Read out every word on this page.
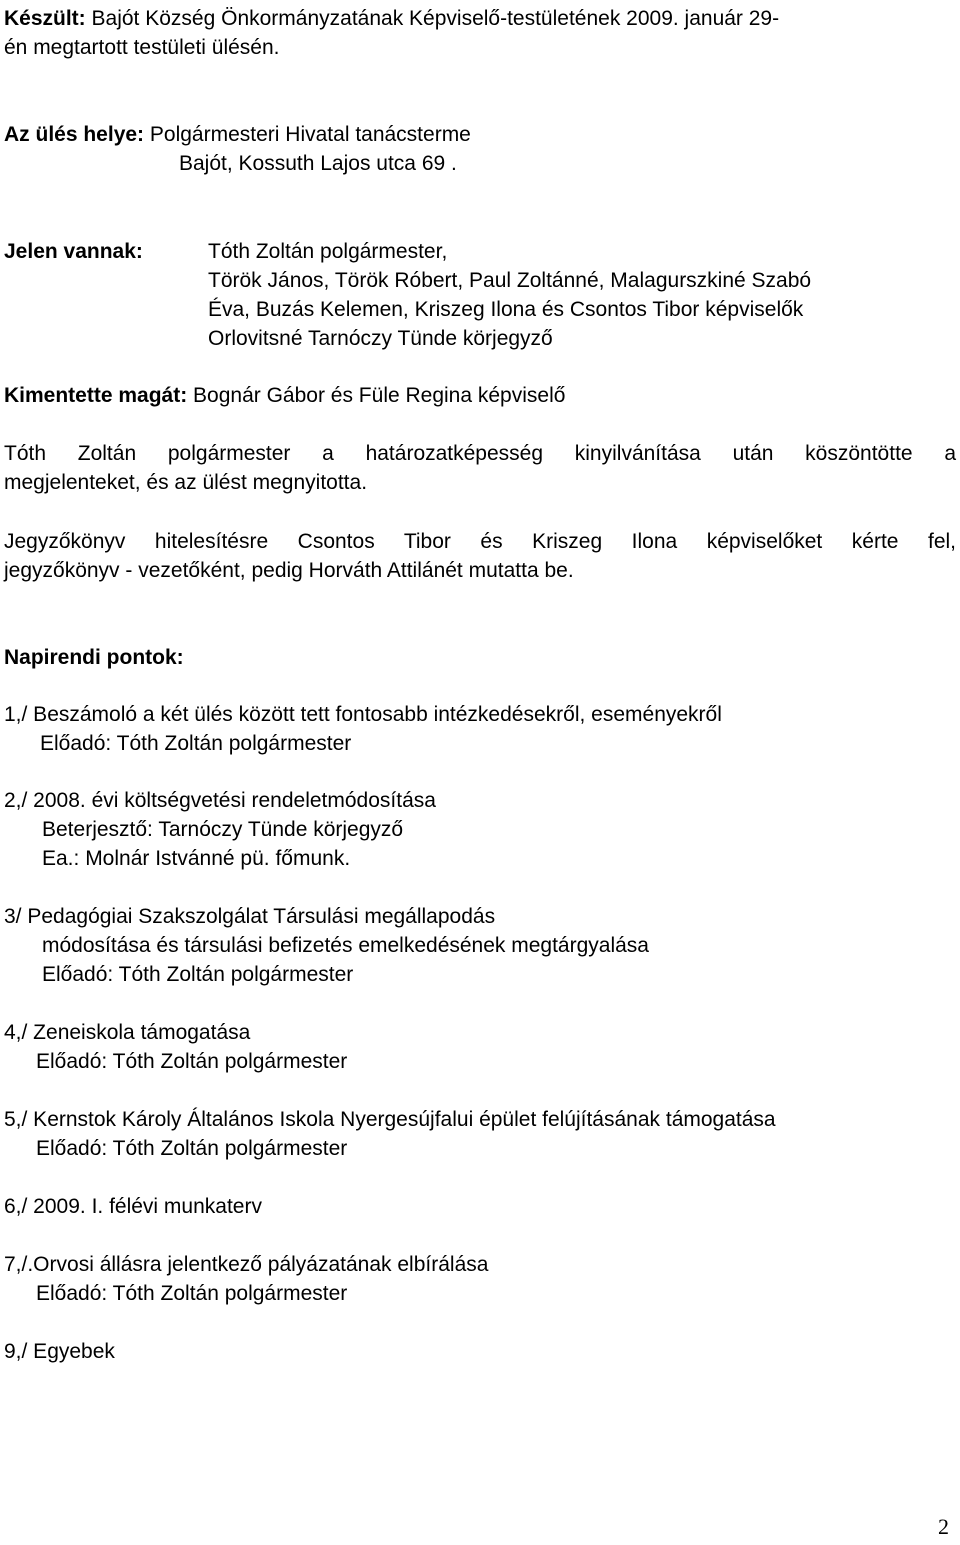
Készült: Bajót Község Önkormányzatának Képviselő-testületének 2009. január 29-
én megtartott testületi ülésén.
Az ülés helye: Polgármesteri Hivatal tanácsterme
Bajót, Kossuth Lajos utca 69 .
Jelen vannak:	Tóth Zoltán polgármester,
Török János, Török Róbert, Paul Zoltánné, Malagurszkiné Szabó
Éva, Buzás Kelemen, Kriszeg Ilona és Csontos Tibor képviselők
Orlovitsné Tarnóczy Tünde körjegyző
Kimentette magát: Bognár Gábor és Füle Regina képviselő
Tóth Zoltán polgármester a határozatképesség kinyilvánítása után köszöntötte a
megjelenteket, és az ülést megnyitotta.
Jegyzőkönyv hitelesítésre Csontos Tibor és Kriszeg Ilona képviselőket kérte fel,
jegyzőkönyv - vezetőként, pedig Horváth Attilánét mutatta be.
Napirendi pontok:
1,/ Beszámoló a két ülés között tett fontosabb intézkedésekről, eseményekről
Előadó: Tóth Zoltán polgármester
2,/ 2008. évi költségvetési rendeletmódosítása
Beterjesztő: Tarnóczy Tünde körjegyző
Ea.: Molnár Istvánné pü. főmunk.
3/ Pedagógiai Szakszolgálat Társulási megállapodás
módosítása és társulási befizetés emelkedésének megtárgyalása
Előadó: Tóth Zoltán polgármester
4,/ Zeneiskola támogatása
Előadó: Tóth Zoltán polgármester
5,/ Kernstok Károly Általános Iskola Nyergesújfalui épület felújításának támogatása
Előadó: Tóth Zoltán polgármester
6,/ 2009. I. félévi munkaterv
7,/.Orvosi állásra jelentkező pályázatának elbírálása
Előadó: Tóth Zoltán polgármester
9,/ Egyebek
2
